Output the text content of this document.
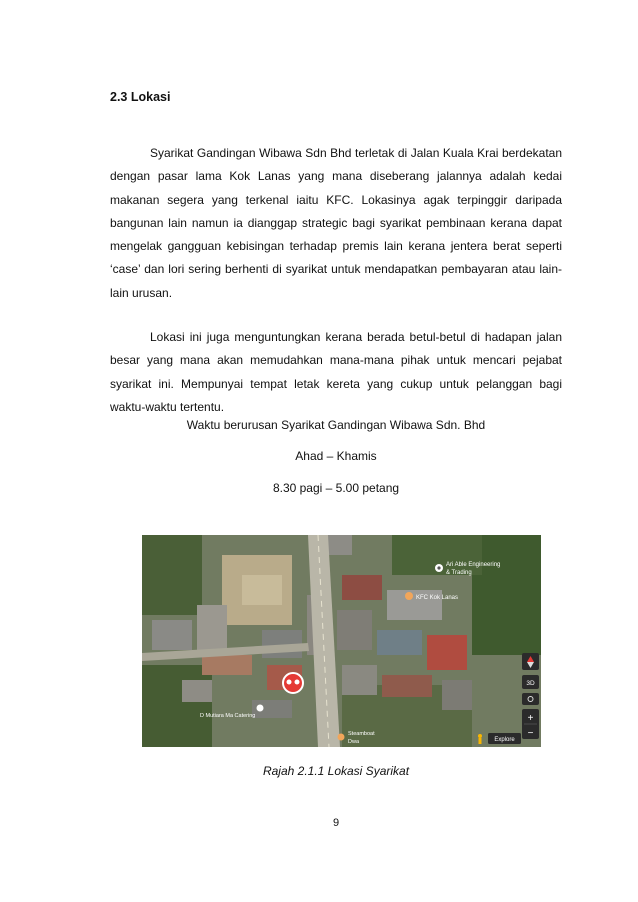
2.3 Lokasi

Syarikat Gandingan Wibawa Sdn Bhd terletak di Jalan Kuala Krai berdekatan dengan pasar lama Kok Lanas yang mana diseberang jalannya adalah kedai makanan segera yang terkenal iaitu KFC. Lokasinya agak terpinggir daripada bangunan lain namun ia dianggap strategic bagi syarikat pembinaan kerana dapat mengelak gangguan kebisingan terhadap premis lain kerana jentera berat seperti ‘case’ dan lori sering berhenti di syarikat untuk mendapatkan pembayaran atau lain-lain urusan.

Lokasi ini juga menguntungkan kerana berada betul-betul di hadapan jalan besar yang mana akan memudahkan mana-mana pihak untuk mencari pejabat syarikat ini. Mempunyai tempat letak kereta yang cukup untuk pelanggan bagi waktu-waktu tertentu.

Waktu berurusan Syarikat Gandingan Wibawa Sdn. Bhd

Ahad – Khamis

8.30 pagi – 5.00 petang

Ari Able Engineering
& Trading
KFC Kok Lanas
D Mutiara Ma Catering
Steamboat
Dwa
3D
+
−
Explore

Rajah 2.1.1 Lokasi Syarikat

9
